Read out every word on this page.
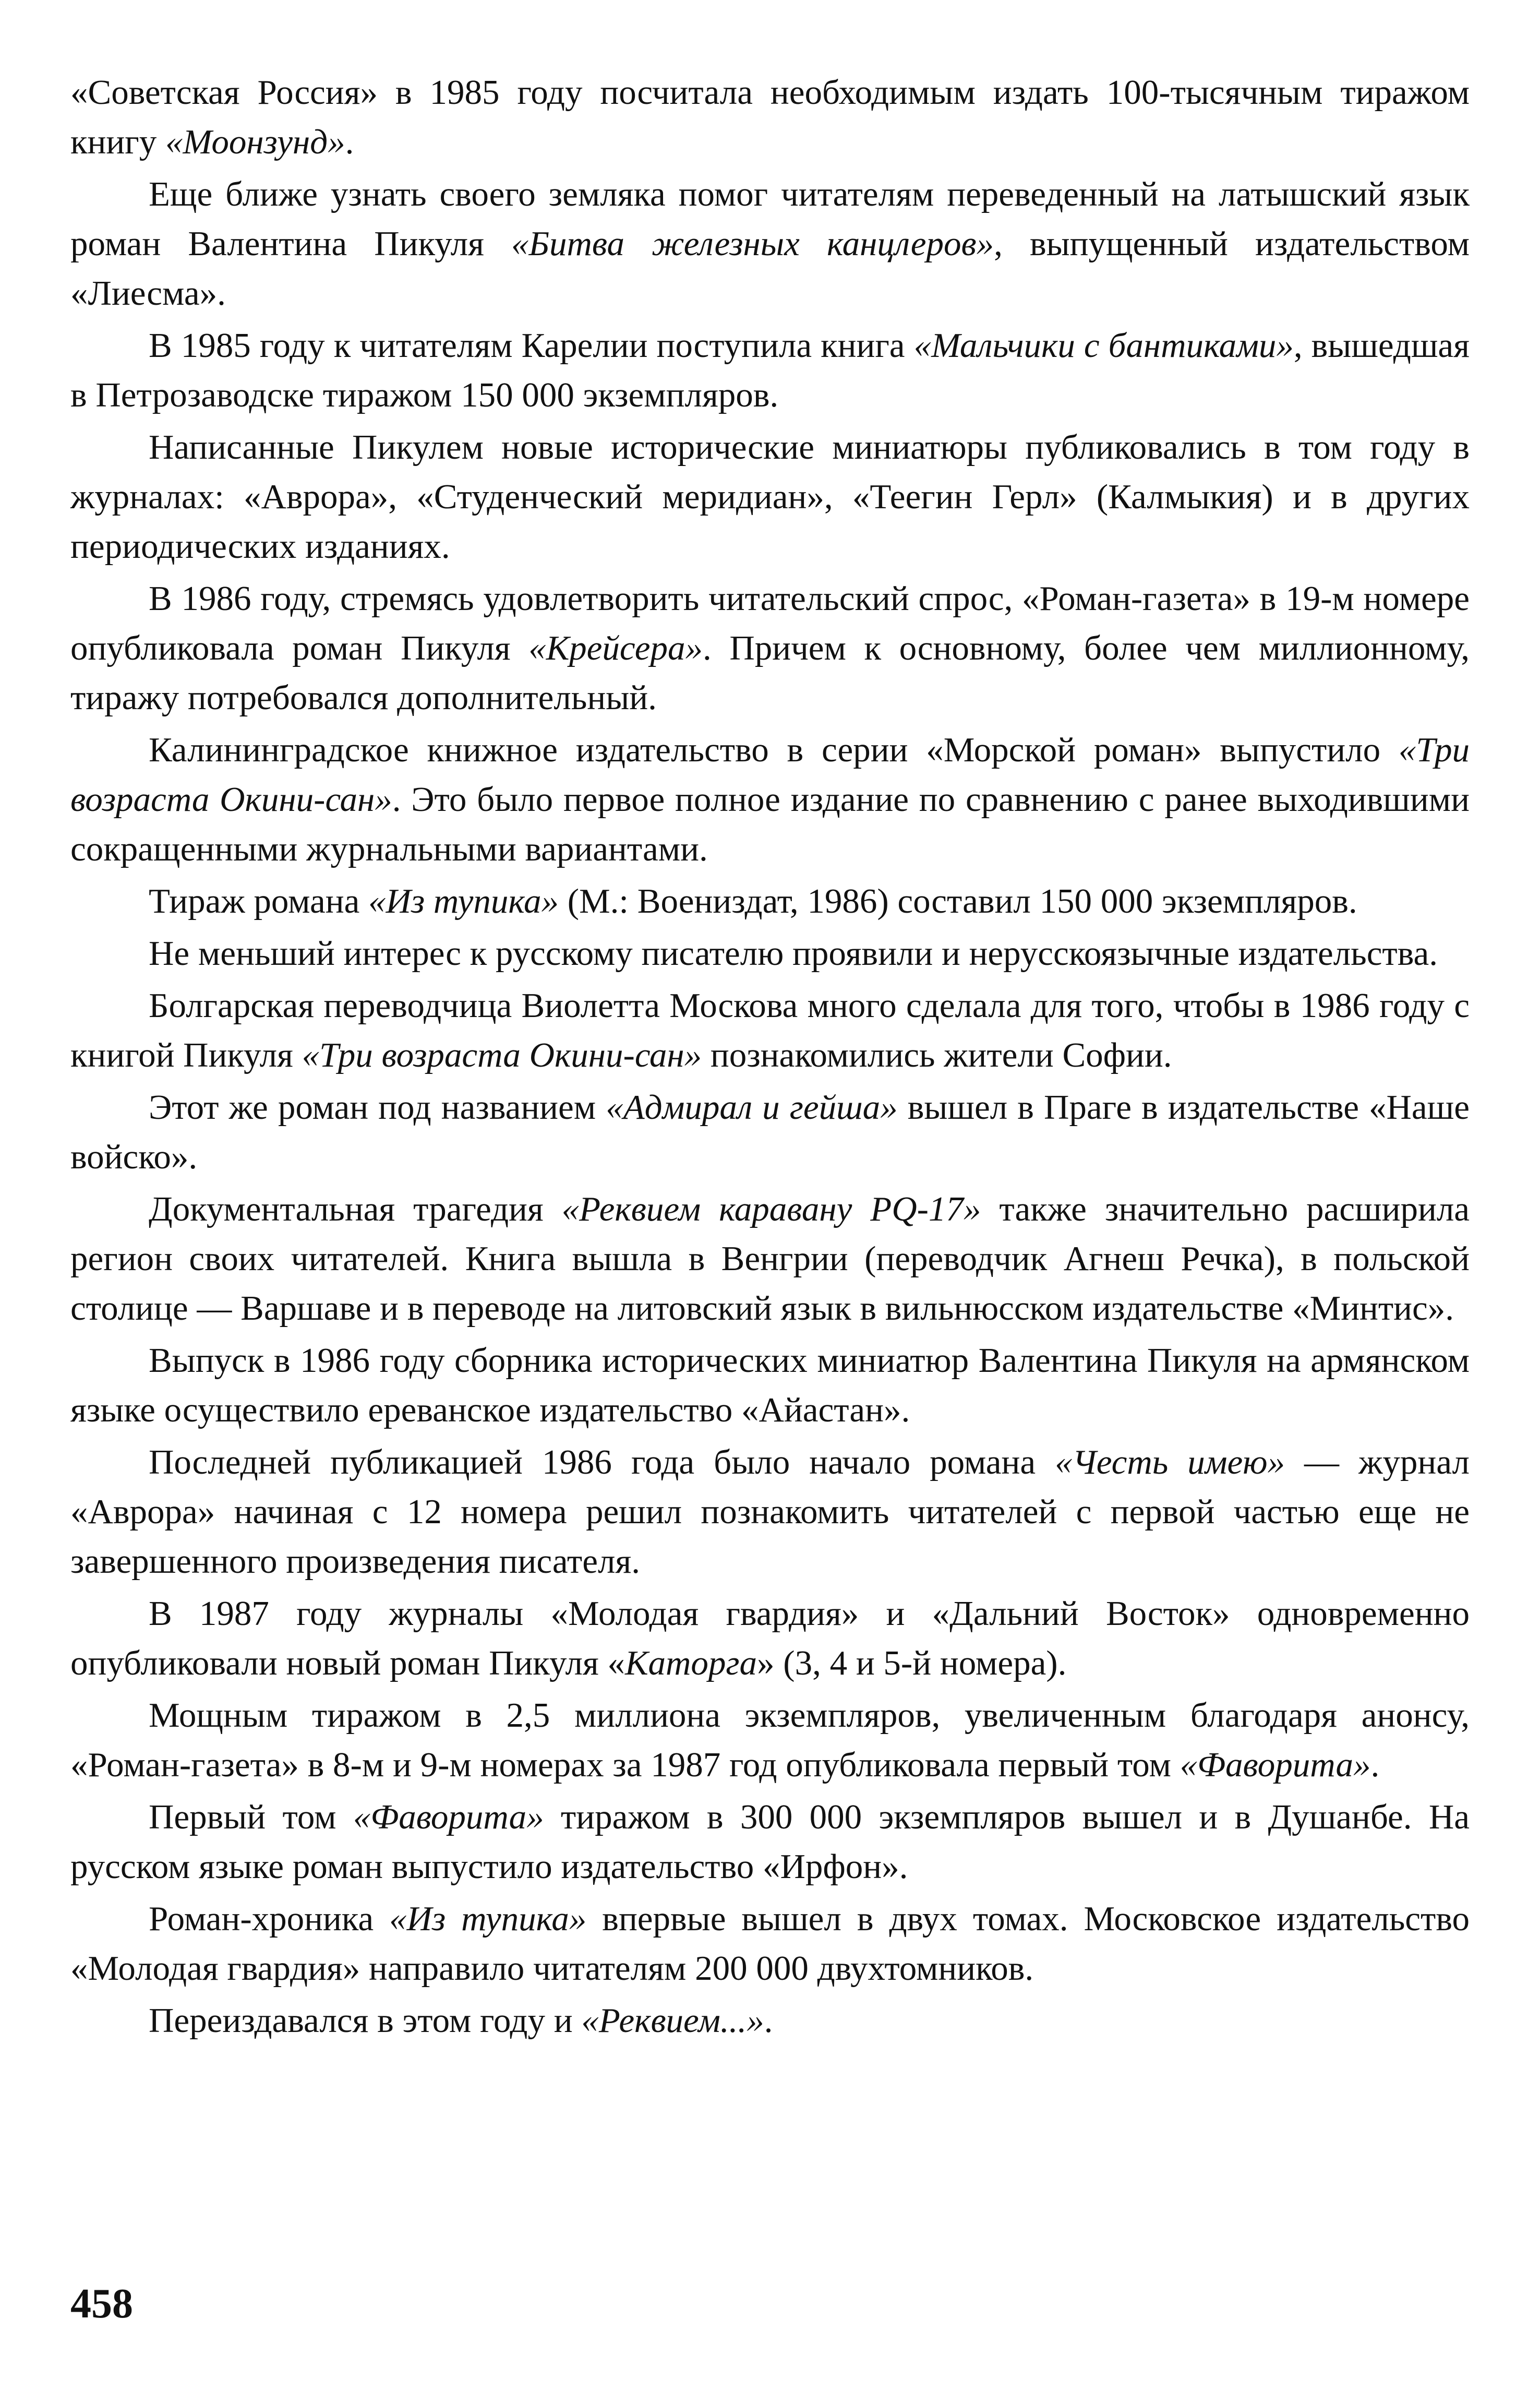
«Советская Россия» в 1985 году посчитала необходимым издать 100-тысячным тиражом книгу «Моонзунд».

Еще ближе узнать своего земляка помог читателям переведенный на латышский язык роман Валентина Пикуля «Битва железных канцлеров», выпущенный издательством «Лиесма».

В 1985 году к читателям Карелии поступила книга «Мальчики с бантиками», вышедшая в Петрозаводске тиражом 150 000 экземпляров.

Написанные Пикулем новые исторические миниатюры публиковались в том году в журналах: «Аврора», «Студенческий меридиан», «Теегин Герл» (Калмыкия) и в других периодических изданиях.

В 1986 году, стремясь удовлетворить читательский спрос, «Роман-газета» в 19-м номере опубликовала роман Пикуля «Крейсера». Причем к основному, более чем миллионному, тиражу потребовался дополнительный.

Калининградское книжное издательство в серии «Морской роман» выпустило «Три возраста Окини-сан». Это было первое полное издание по сравнению с ранее выходившими сокращенными журнальными вариантами.

Тираж романа «Из тупика» (М.: Воениздат, 1986) составил 150 000 экземпляров.

Не меньший интерес к русскому писателю проявили и нерусскоязычные издательства.

Болгарская переводчица Виолетта Москова много сделала для того, чтобы в 1986 году с книгой Пикуля «Три возраста Окини-сан» познакомились жители Софии.

Этот же роман под названием «Адмирал и гейша» вышел в Праге в издательстве «Наше войско».

Документальная трагедия «Реквием каравану PQ-17» также значительно расширила регион своих читателей. Книга вышла в Венгрии (переводчик Агнеш Речка), в польской столице — Варшаве и в переводе на литовский язык в вильнюсском издательстве «Минтис».

Выпуск в 1986 году сборника исторических миниатюр Валентина Пикуля на армянском языке осуществило ереванское издательство «Айастан».

Последней публикацией 1986 года было начало романа «Честь имею» — журнал «Аврора» начиная с 12 номера решил познакомить читателей с первой частью еще не завершенного произведения писателя.

В 1987 году журналы «Молодая гвардия» и «Дальний Восток» одновременно опубликовали новый роман Пикуля «Каторга» (3, 4 и 5-й номера).

Мощным тиражом в 2,5 миллиона экземпляров, увеличенным благодаря анонсу, «Роман-газета» в 8-м и 9-м номерах за 1987 год опубликовала первый том «Фаворита».

Первый том «Фаворита» тиражом в 300 000 экземпляров вышел и в Душанбе. На русском языке роман выпустило издательство «Ирфон».

Роман-хроника «Из тупика» впервые вышел в двух томах. Московское издательство «Молодая гвардия» направило читателям 200 000 двухтомников.

Переиздавался в этом году и «Реквием...».

458
